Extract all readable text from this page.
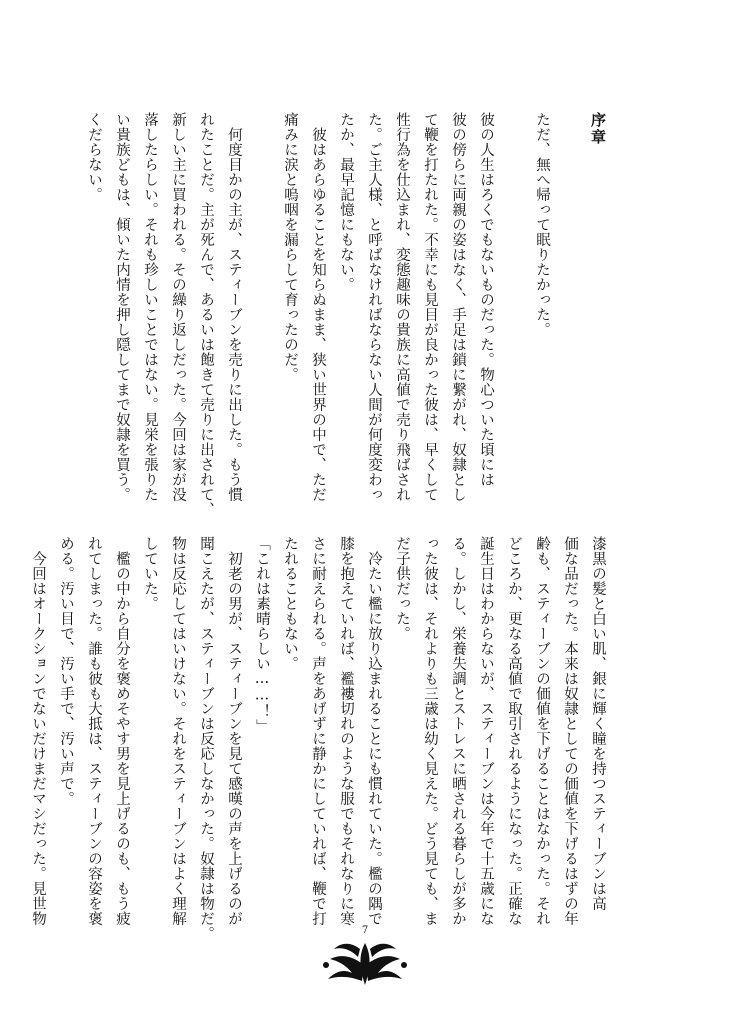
序章
ただ、無へ帰って眠りたかった。
彼の人生はろくでもないものだった。物心ついた頃には
彼の傍らに両親の姿はなく、手足は鎖に繋がれ、奴隷とし
て鞭を打たれた。不幸にも見目が良かった彼は、早くして
性行為を仕込まれ、変態趣味の貴族に高値で売り飛ばされ
た。ご主人様、と呼ばなければならない人間が何度変わっ
たか、最早記憶にもない。
　彼はあらゆることを知らぬまま、狭い世界の中で、ただ
痛みに涙と嗚咽を漏らして育ったのだ。
　何度目かの主が、スティーブンを売りに出した。もう慣
れたことだ。主が死んで、あるいは飽きて売りに出されて、
新しい主に買われる。その繰り返しだった。今回は家が没
落したらしい。それも珍しいことではない。見栄を張りた
い貴族どもは、傾いた内情を押し隠してまで奴隷を買う。
くだらない。
漆黒の髪と白い肌、銀に輝く瞳を持つスティーブンは高
価な品だった。本来は奴隷としての価値を下げるはずの年
齢も、スティーブンの価値を下げることはなかった。それ
どころか、更なる高値で取引されるようになった。正確な
誕生日はわからないが、スティーブンは今年で十五歳にな
る。しかし、栄養失調とストレスに晒される暮らしが多か
った彼は、それよりも三歳は幼く見えた。どう見ても、ま
だ子供だった。
　冷たい檻に放り込まれることにも慣れていた。檻の隅で
膝を抱えていれば、襤褸切れのような服でもそれなりに寒
さに耐えられる。声をあげずに静かにしていれば、鞭で打
たれることもない。
「これは素晴らしい……！」
　初老の男が、スティーブンを見て感嘆の声を上げるのが
聞こえたが、スティーブンは反応しなかった。奴隷は物だ。
物は反応してはいけない。それをスティーブンはよく理解
していた。
　檻の中から自分を褒めそやす男を見上げるのも、もう疲
れてしまった。誰も彼も大抵は、スティーブンの容姿を褒
める。汚い目で、汚い手で、汚い声で。
　今回はオークションでないだけまだマシだった。見世物
7
